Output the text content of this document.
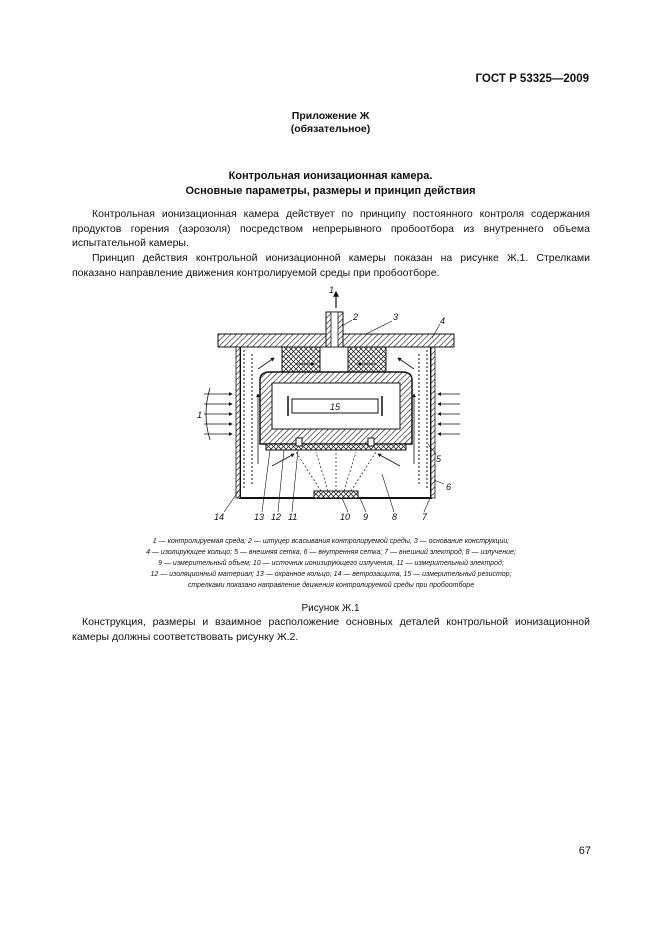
ГОСТ Р 53325—2009
Приложение Ж
(обязательное)
Контрольная ионизационная камера.
Основные параметры, размеры и принцип действия

Контрольная ионизационная камера действует по принципу постоянного контроля содержания продуктов горения (аэрозоля) посредством непрерывного пробоотбора из внутреннего объема испытательной камеры.

Принцип действия контрольной ионизационной камеры показан на рисунке Ж.1. Стрелками показано направление движения контролируемой среды при пробоотборе.

1
2	3	4
1
15
5
6
14	13 12 11	10 9	8	7
1 — контролируемая среда; 2 — штуцер всасывания контролируемой среды, 3 — основание конструкции;
4 — изолирующее кольцо; 5 — внешняя сетка; 6 — внутренняя сетка; 7 — внешний электрод; 8 — излучение;
9 — измерительный объем; 10 — источник ионизирующего излучения, 11 — измерительный электрод;
12 — изоляционный материал; 13 — охранное кольцо; 14 — ветрозащита, 15 — измерительный резистор;
стрелками показано направление движения контролируемой среды при пробоотборе
Рисунок Ж.1

Конструкция, размеры и взаимное расположение основных деталей контрольной ионизационной камеры должны соответствовать рисунку Ж.2.

67
